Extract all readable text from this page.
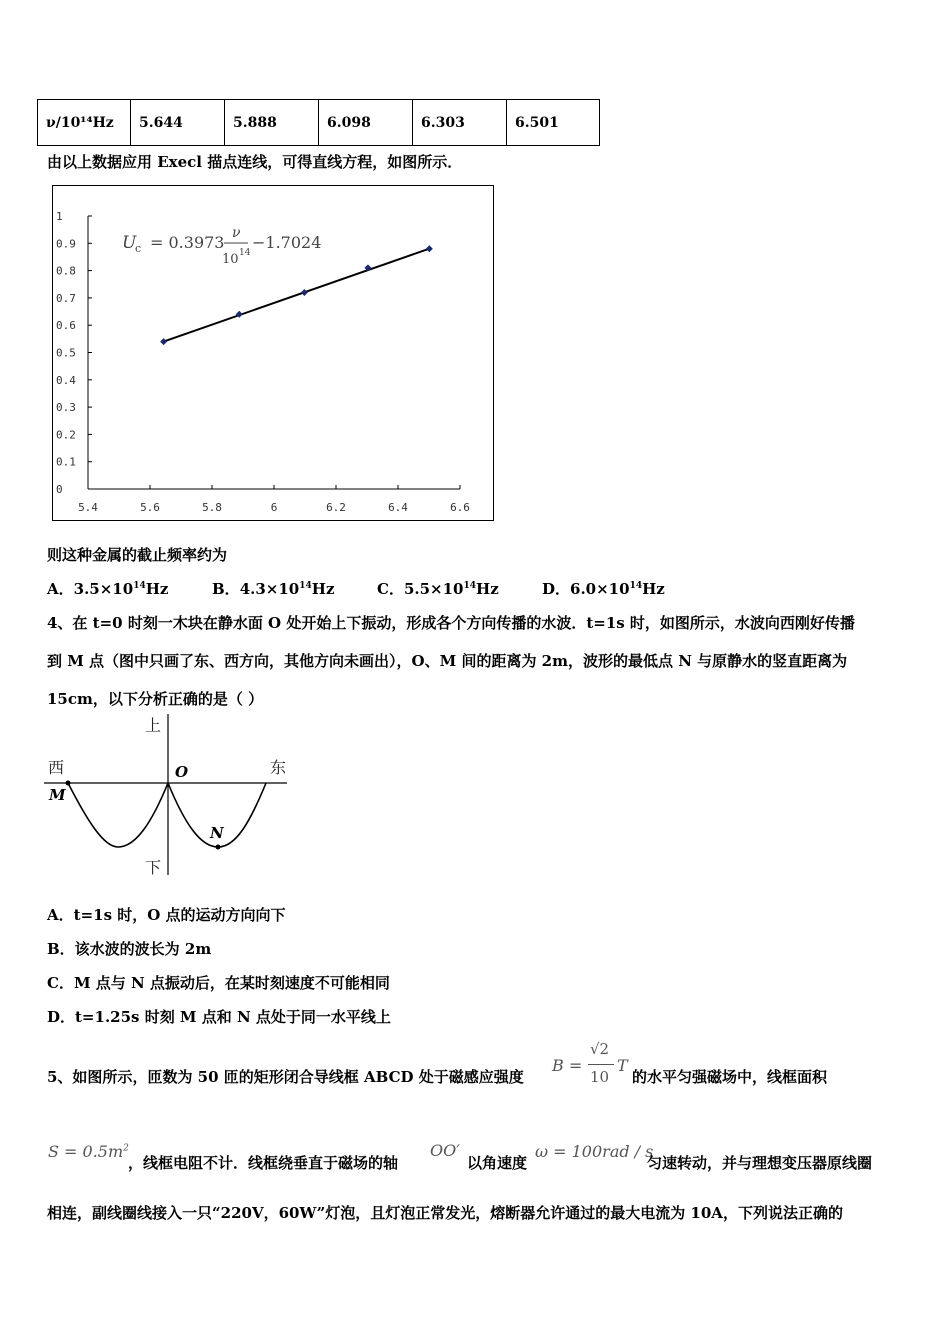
ν/10¹⁴Hz	5.644	5.888	6.098	6.303	6.501
由以上数据应用 Execl 描点连线，可得直线方程，如图所示．
0
0.1
0.2
0.3
0.4
0.5
0.6
0.7
0.8
0.9
1
5.4	5.6	5.8	6	6.2	6.4	6.6
U
c = 0.3973 ν
10 14
−1.7024
则这种金属的截止频率约为
A．$3.5\times 10^{14}Hz$	B．$4.3\times 10^{14}Hz$	C．$5.5\times 10^{14}Hz$	D．$6.0\times 10^{14}Hz$
4、在 t=0 时刻一木块在静水面 O 处开始上下振动，形成各个方向传播的水波．t=1s 时，如图所示，水波向西刚好传播
到 M 点（图中只画了东、西方向，其他方向未画出），O、M 间的距离为 2m，波形的最低点 N 与原静水的竖直距离为
15cm，以下分析正确的是（ ）
上
下
西	东
O
M
N
A．t=1s 时，O 点的运动方向向下
B．该水波的波长为 2m
C．M 点与 N 点振动后，在某时刻速度不可能相同
D．t=1.25s 时刻 M 点和 N 点处于同一水平线上
5、如图所示，匝数为 50 匝的矩形闭合导线框 ABCD 处于磁感应强度
B =
√2
10
T
的水平匀强磁场中，线框面积
$S = 0.5m^2$
，线框电阻不计．线框绕垂直于磁场的轴
OO′
以角速度
ω = 100rad / s
匀速转动，并与理想变压器原线圈
相连，副线圈线接入一只“220V，60W”灯泡，且灯泡正常发光，熔断器允许通过的最大电流为 10A，下列说法正确的
